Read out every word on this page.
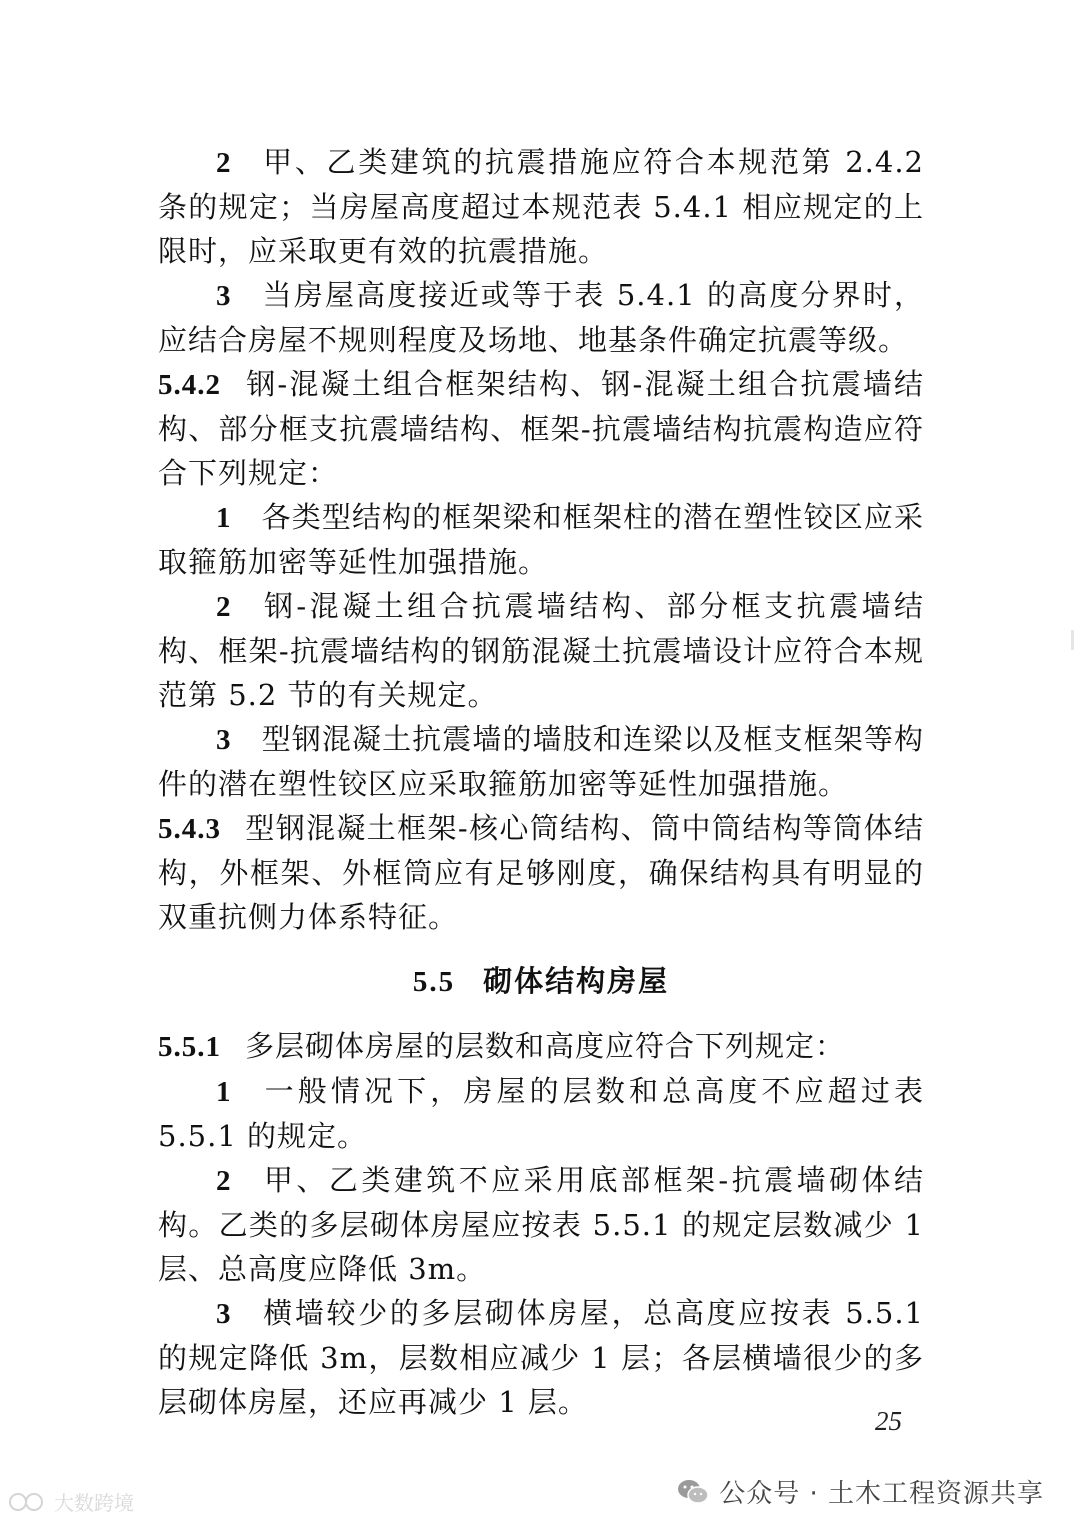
2  甲、乙类建筑的抗震措施应符合本规范第 2.4.2 条的规定；当房屋高度超过本规范表 5.4.1 相应规定的上限时，应采取更有效的抗震措施。

3  当房屋高度接近或等于表 5.4.1 的高度分界时，应结合房屋不规则程度及场地、地基条件确定抗震等级。

5.4.2 钢-混凝土组合框架结构、钢-混凝土组合抗震墙结构、部分框支抗震墙结构、框架-抗震墙结构抗震构造应符合下列规定：

1  各类型结构的框架梁和框架柱的潜在塑性铰区应采取箍筋加密等延性加强措施。

2  钢-混凝土组合抗震墙结构、部分框支抗震墙结构、框架-抗震墙结构的钢筋混凝土抗震墙设计应符合本规范第 5.2 节的有关规定。

3  型钢混凝土抗震墙的墙肢和连梁以及框支框架等构件的潜在塑性铰区应采取箍筋加密等延性加强措施。

5.4.3 型钢混凝土框架-核心筒结构、筒中筒结构等筒体结构，外框架、外框筒应有足够刚度，确保结构具有明显的双重抗侧力体系特征。

5.5 砌体结构房屋

5.5.1 多层砌体房屋的层数和高度应符合下列规定：

1  一般情况下，房屋的层数和总高度不应超过表 5.5.1 的规定。

2  甲、乙类建筑不应采用底部框架-抗震墙砌体结构。乙类的多层砌体房屋应按表 5.5.1 的规定层数减少 1 层、总高度应降低 3m。

3  横墙较少的多层砌体房屋，总高度应按表 5.5.1 的规定降低 3m，层数相应减少 1 层；各层横墙很少的多层砌体房屋，还应再减少 1 层。

25
公众号 · 土木工程资源共享
大数跨境
